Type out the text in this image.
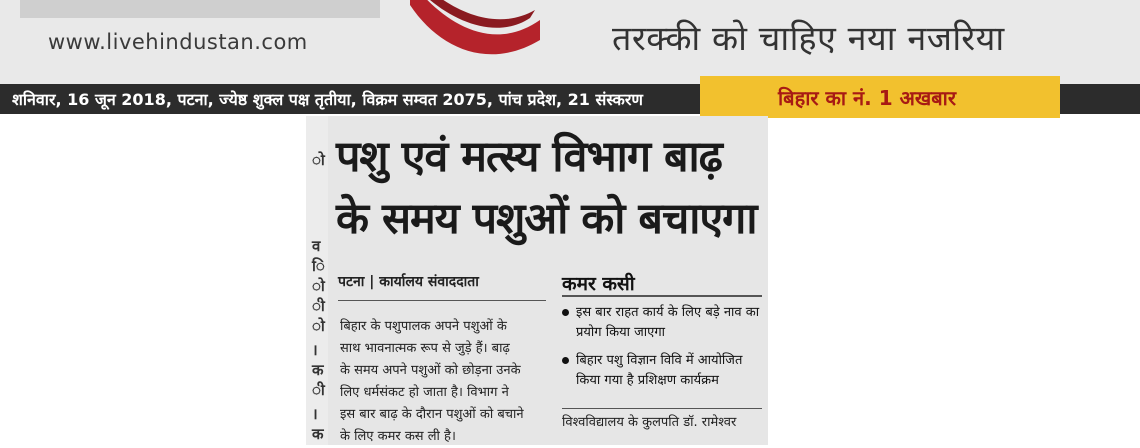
www.livehindustan.com	तरक्की को चाहिए नया नजरिया
शनिवार, 16 जून 2018, पटना, ज्येष्ठ शुक्ल पक्ष तृतीया, विक्रम सम्वत 2075, पांच प्रदेश, 21 संस्करण	बिहार का नं. 1 अखबार
ो
व
ि
ो
ी
ो
।
क
ी
।
क
पशु एवं मत्स्य विभाग बाढ़
के समय पशुओं को बचाएगा
पटना | कार्यालय संवाददाता
बिहार के पशुपालक अपने पशुओं के
साथ भावनात्मक रूप से जुड़े हैं। बाढ़
के समय अपने पशुओं को छोड़ना उनके
लिए धर्मसंकट हो जाता है। विभाग ने
इस बार बाढ़ के दौरान पशुओं को बचाने
के लिए कमर कस ली है।
कमर कसी
इस बार राहत कार्य के लिए बड़े नाव का प्रयोग किया जाएगा
बिहार पशु विज्ञान विवि में आयोजित किया गया है प्रशिक्षण कार्यक्रम
विश्वविद्यालय के कुलपति डॉ. रामेश्वर
